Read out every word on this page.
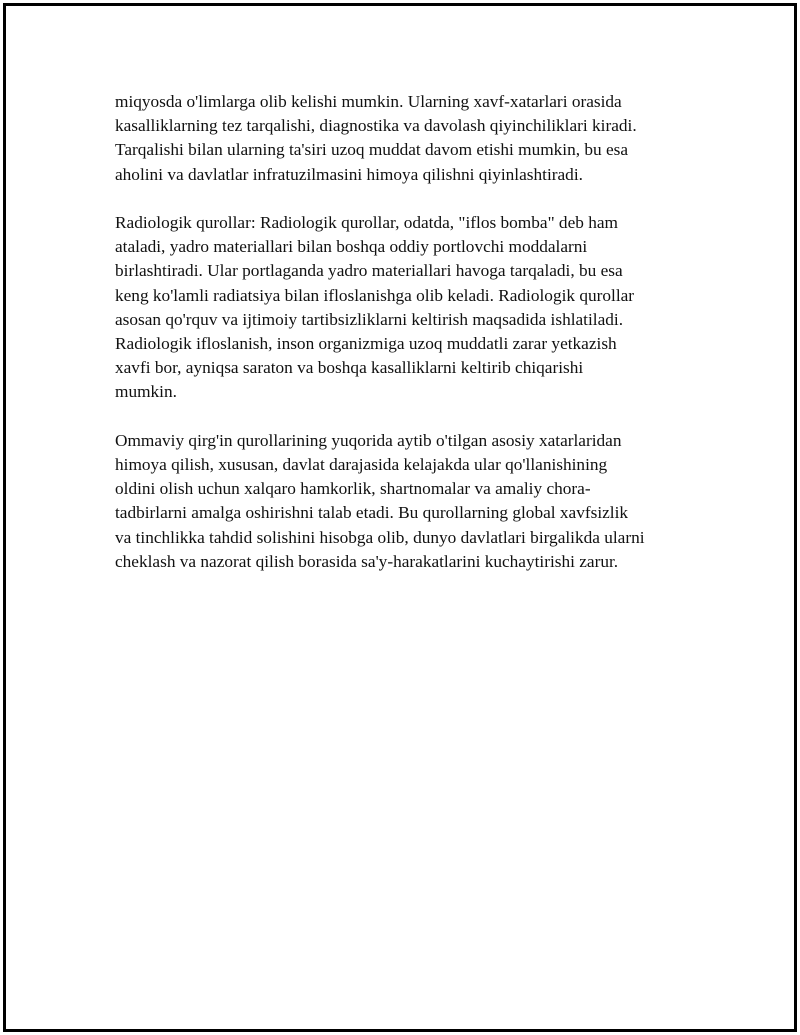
miqyosda o'limlarga olib kelishi mumkin. Ularning xavf-xatarlari orasida
kasalliklarning tez tarqalishi, diagnostika va davolash qiyinchiliklari kiradi.
Tarqalishi bilan ularning ta'siri uzoq muddat davom etishi mumkin, bu esa
aholini va davlatlar infratuzilmasini himoya qilishni qiyinlashtiradi.

Radiologik qurollar: Radiologik qurollar, odatda, "iflos bomba" deb ham
ataladi, yadro materiallari bilan boshqa oddiy portlovchi moddalarni
birlashtiradi. Ular portlaganda yadro materiallari havoga tarqaladi, bu esa
keng ko'lamli radiatsiya bilan ifloslanishga olib keladi. Radiologik qurollar
asosan qo'rquv va ijtimoiy tartibsizliklarni keltirish maqsadida ishlatiladi.
Radiologik ifloslanish, inson organizmiga uzoq muddatli zarar yetkazish
xavfi bor, ayniqsa saraton va boshqa kasalliklarni keltirib chiqarishi
mumkin.

Ommaviy qirg'in qurollarining yuqorida aytib o'tilgan asosiy xatarlaridan
himoya qilish, xususan, davlat darajasida kelajakda ular qo'llanishining
oldini olish uchun xalqaro hamkorlik, shartnomalar va amaliy chora-
tadbirlarni amalga oshirishni talab etadi. Bu qurollarning global xavfsizlik
va tinchlikka tahdid solishini hisobga olib, dunyo davlatlari birgalikda ularni
cheklash va nazorat qilish borasida sa'y-harakatlarini kuchaytirishi zarur.
